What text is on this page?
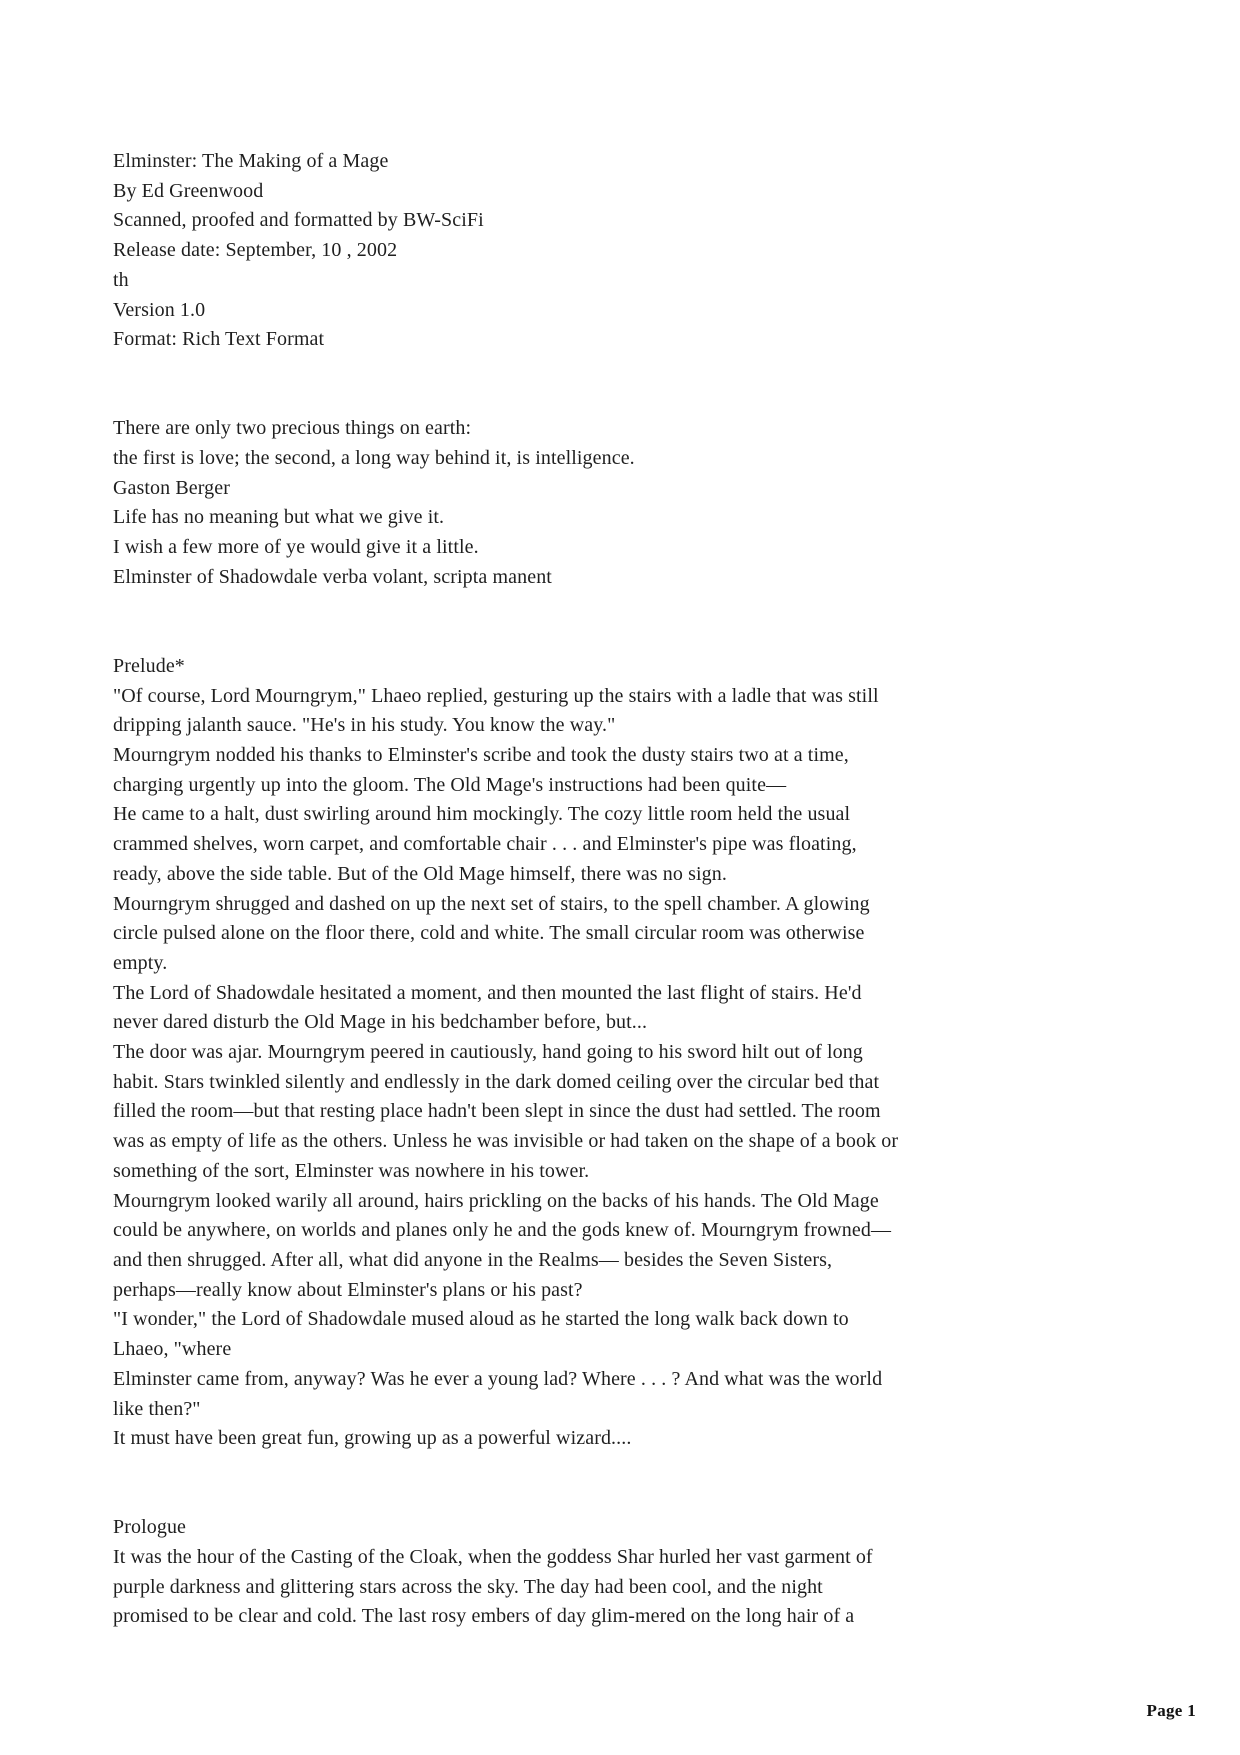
Elminster: The Making of a Mage
By Ed Greenwood
Scanned, proofed and formatted by BW-SciFi
Release date: September, 10 , 2002
th
Version 1.0
Format: Rich Text Format
There are only two precious things on earth:
the first is love; the second, a long way behind it, is intelligence.
Gaston Berger
Life has no meaning but what we give it.
I wish a few more of ye would give it a little.
Elminster of Shadowdale verba volant, scripta manent
Prelude*
"Of course, Lord Mourngrym," Lhaeo replied, gesturing up the stairs with a ladle that was still
dripping jalanth sauce. "He's in his study. You know the way."
Mourngrym nodded his thanks to Elminster's scribe and took the dusty stairs two at a time,
charging urgently up into the gloom. The Old Mage's instructions had been quite—
He came to a halt, dust swirling around him mockingly. The cozy little room held the usual
crammed shelves, worn carpet, and comfortable chair . . . and Elminster's pipe was floating,
ready, above the side table. But of the Old Mage himself, there was no sign.
Mourngrym shrugged and dashed on up the next set of stairs, to the spell chamber. A glowing
circle pulsed alone on the floor there, cold and white. The small circular room was otherwise
empty.
The Lord of Shadowdale hesitated a moment, and then mounted the last flight of stairs. He'd
never dared disturb the Old Mage in his bedchamber before, but...
The door was ajar. Mourngrym peered in cautiously, hand going to his sword hilt out of long
habit. Stars twinkled silently and endlessly in the dark domed ceiling over the circular bed that
filled the room—but that resting place hadn't been slept in since the dust had settled. The room
was as empty of life as the others. Unless he was invisible or had taken on the shape of a book or
something of the sort, Elminster was nowhere in his tower.
Mourngrym looked warily all around, hairs prickling on the backs of his hands. The Old Mage
could be anywhere, on worlds and planes only he and the gods knew of. Mourngrym frowned—
and then shrugged. After all, what did anyone in the Realms— besides the Seven Sisters,
perhaps—really know about Elminster's plans or his past?
"I wonder," the Lord of Shadowdale mused aloud as he started the long walk back down to
Lhaeo, "where
Elminster came from, anyway? Was he ever a young lad? Where . . . ? And what was the world
like then?"
It must have been great fun, growing up as a powerful wizard....
Prologue
It was the hour of the Casting of the Cloak, when the goddess Shar hurled her vast garment of
purple darkness and glittering stars across the sky. The day had been cool, and the night
promised to be clear and cold. The last rosy embers of day glim-mered on the long hair of a
Page 1
